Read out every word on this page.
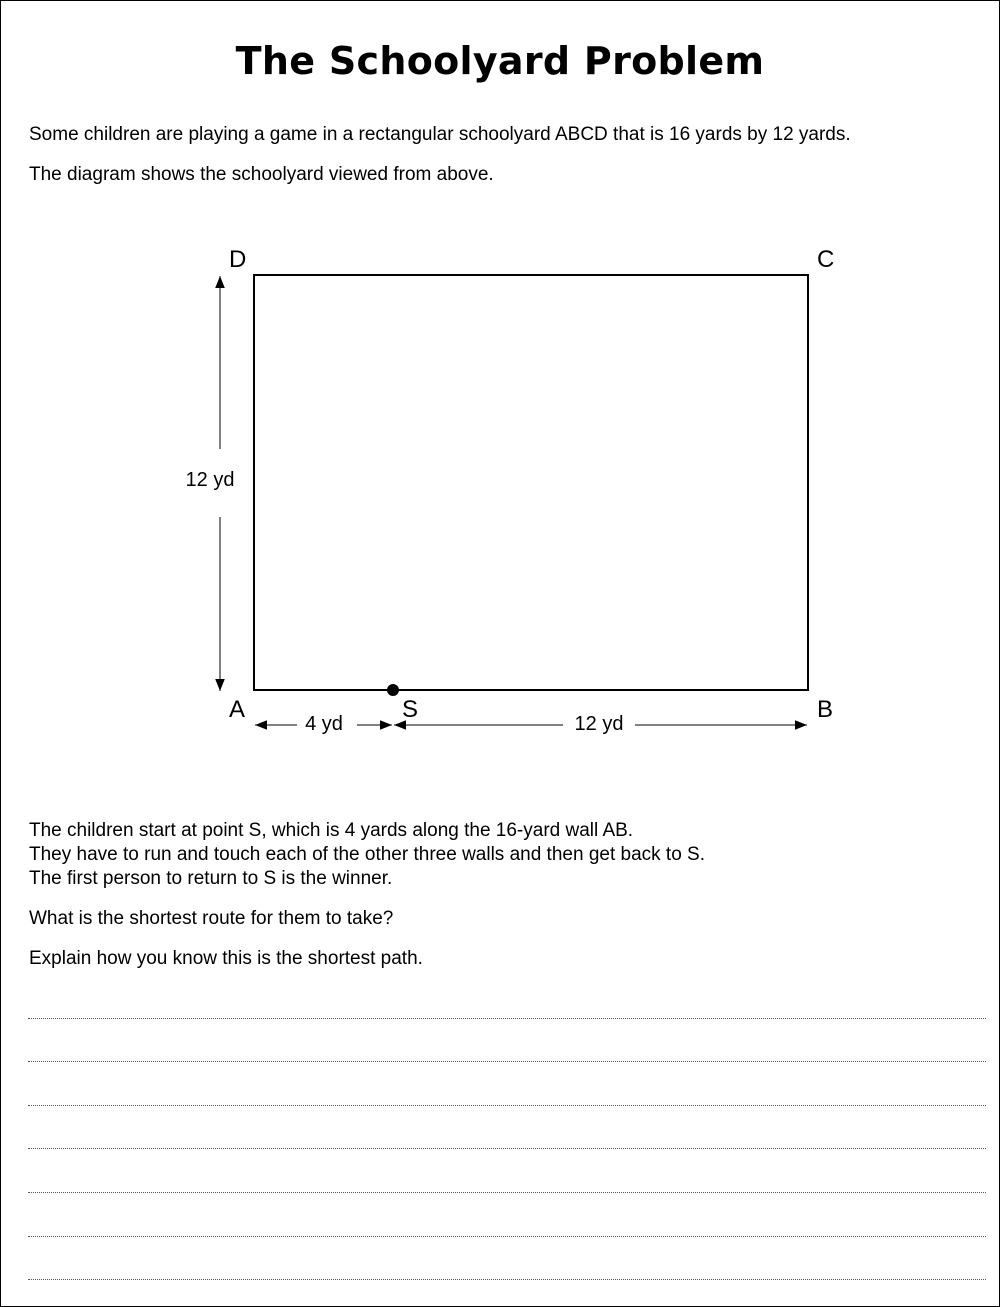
The Schoolyard Problem
Some children are playing a game in a rectangular schoolyard ABCD that is 16 yards by 12 yards.
The diagram shows the schoolyard viewed from above.
D	C
A	B
S
12 yd
4 yd	12 yd
The children start at point S, which is 4 yards along the 16-yard wall AB.
They have to run and touch each of the other three walls and then get back to S.
The first person to return to S is the winner.
What is the shortest route for them to take?
Explain how you know this is the shortest path.
